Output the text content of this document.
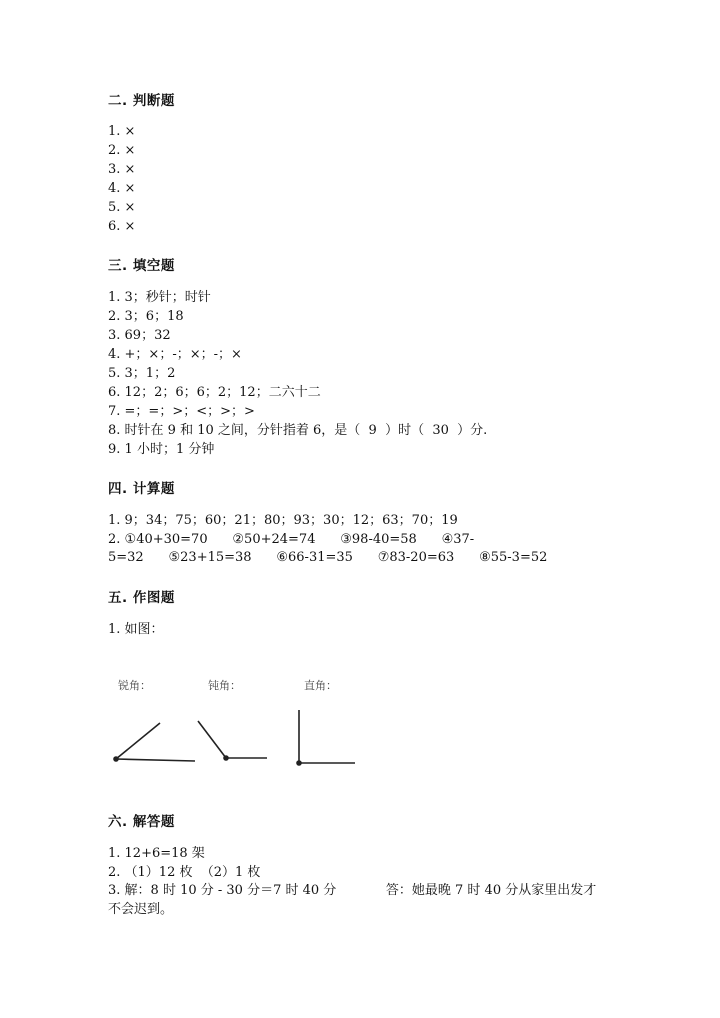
二. 判断题
1. ×
2. ×
3. ×
4. ×
5. ×
6. ×
三. 填空题
1. 3；秒针；时针
2. 3；6；18
3. 69；32
4. +；×；-；×；-；×
5. 3；1；2
6. 12；2；6；6；2；12；二六十二
7. =；=；>；<；>；>
8. 时针在 9 和 10 之间，分针指着 6，是（  9  ）时（  30  ）分.
9. 1 小时；1 分钟
四. 计算题
1. 9；34；75；60；21；80；93；30；12；63；70；19
2. ①40+30=70      ②50+24=74      ③98-40=58      ④37-
5=32      ⑤23+15=38      ⑥66-31=35      ⑦83-20=63      ⑧55-3=52
五. 作图题
1. 如图：
锐角：	钝角：	直角：
六. 解答题
1. 12+6=18 架
2. （1）12 枚  （2）1 枚
3. 解：8 时 10 分 - 30 分＝7 时 40 分            答：她最晚 7 时 40 分从家里出发才
不会迟到。
